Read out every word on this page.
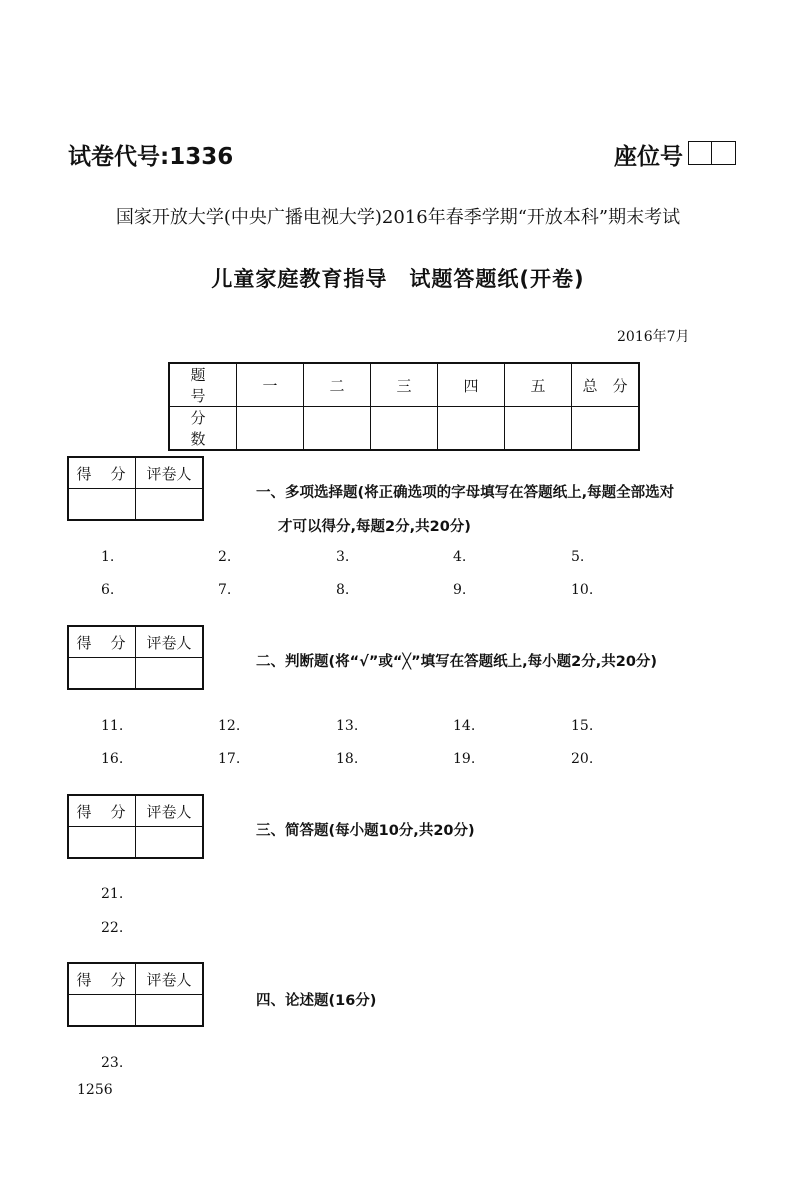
试卷代号:1336	座位号
国家开放大学(中央广播电视大学)2016年春季学期“开放本科”期末考试
儿童家庭教育指导　试题答题纸(开卷)
2016年7月
题　号	一	二	三	四	五	总　分
分　数						
得　分	评卷人

一、多项选择题(将正确选项的字母填写在答题纸上,每题全部选对
才可以得分,每题2分,共20分)
1.	2.	3.	4.	5.
6.	7.	8.	9.	10.
得　分	评卷人

二、判断题(将“√”或“╳”填写在答题纸上,每小题2分,共20分)
11.	12.	13.	14.	15.
16.	17.	18.	19.	20.
得　分	评卷人

三、简答题(每小题10分,共20分)
21.
22.
得　分	评卷人

四、论述题(16分)
23.
1256
